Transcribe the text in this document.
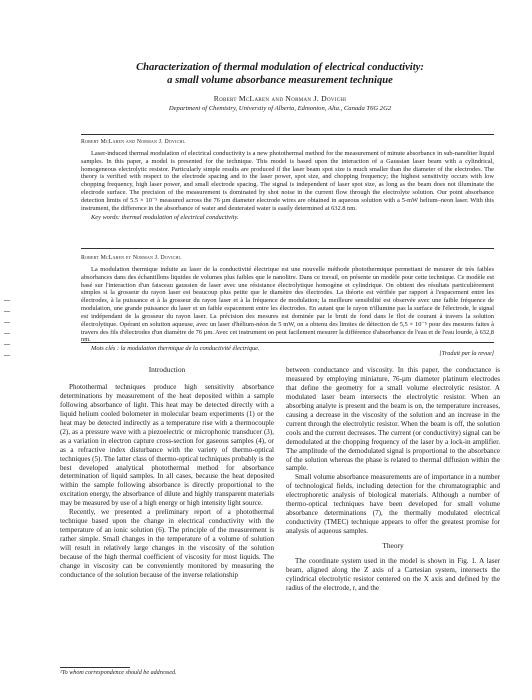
Characterization of thermal modulation of electrical conductivity:
a small volume absorbance measurement technique
Robert McLaren and Norman J. Dovichi
Department of Chemistry, University of Alberta, Edmonton, Alta., Canada T6G 2G2
Robert McLaren and Norman J. Dovichi.
Laser-induced thermal modulation of electrical conductivity is a new photothermal method for the measurement of minute absorbance in sub-nanoliter liquid samples. In this paper, a model is presented for the technique. This model is based upon the interaction of a Gaussian laser beam with a cylindrical, homogeneous electrolytic resistor. Particularly simple results are produced if the laser beam spot size is much smaller than the diameter of the electrodes. The theory is verified with respect to the electrode spacing and to the laser power, spot size, and chopping frequency; the highest sensitivity occurs with low chopping frequency, high laser power, and small electrode spacing. The signal is independent of laser spot size, as long as the beam does not illuminate the electrode surface. The precision of the measurement is dominated by shot noise in the current flow through the electrolyte solution. Our point absorbance detection limits of 5.5 × 10⁻⁵ measured across the 76 µm diameter electrode wires are obtained in aqueous solution with a 5-mW helium–neon laser. With this instrument, the difference in the absorbance of water and deuterated water is easily determined at 632.8 nm.
Key words: thermal modulation of electrical conductivity.
Robert McLaren et Norman J. Dovichi.
La modulation thermique induite au laser de la conductivité électrique est une nouvelle méthode photothermique permettant de mesurer de très faibles absorbances dans des échantillons liquides de volumes plus faibles que le nanolitre. Dans ce travail, on présente un modèle pour cette technique. Ce modèle est basé sur l'interaction d'un faisceau gaussien de laser avec une résistance électrolytique homogène et cylindrique. On obtient des résultats particulièrement simples si la grosseur du rayon laser est beaucoup plus petite que le diamètre des électrodes. La théorie est vérifiée par rapport à l'espacement entre les électrodes, à la puissance et à la grosseur du rayon laser et à la fréquence de modulation; la meilleure sensibilité est observée avec une faible fréquence de modulation, une grande puissance du laser et un faible espacement entre les électrodes. En autant que le rayon n'illumine pas la surface de l'électrode, le signal est indépendant de la grosseur du rayon laser. La précision des mesures est dominée par le bruit de fond dans le flot de courant à travers la solution électrolytique. Opérant en solution aqueuse, avec un laser d'hélium-néon de 5 mW, on a obtenu des limites de détection de 5,5 × 10⁻⁵ pour des mesures faites à travers des fils d'électrodes d'un diamètre de 76 µm. Avec cet instrument on peut facilement mesurer la différence d'absorbance de l'eau et de l'eau lourde, à 632,8 nm.
Mots clés : la modulation thermique de la conductivité électrique.
[Traduit par la revue]
Introduction

Photothermal techniques produce high sensitivity absorbance determinations by measurement of the heat deposited within a sample following absorbance of light. This heat may be detected directly with a liquid helium cooled bolometer in molecular beam experiments (1) or the heat may be detected indirectly as a temperature rise with a thermocouple (2), as a pressure wave with a piezoelectric or microphonic transducer (3), as a variation in electron capture cross-section for gaseous samples (4), or as a refractive index disturbance with the variety of thermo-optical techniques (5). The latter class of thermo-optical techniques probably is the best developed analytical photothermal method for absorbance determination of liquid samples. In all cases, because the heat deposited within the sample following absorbance is directly proportional to the excitation energy, the absorbance of dilute and highly transparent materials may be measured by use of a high energy or high intensity light source.

Recently, we presented a preliminary report of a photothermal technique based upon the change in electrical conductivity with the temperature of an ionic solution (6). The principle of the measurement is rather simple. Small changes in the temperature of a volume of solution will result in relatively large changes in the viscosity of the solution because of the high thermal coefficient of viscosity for most liquids. The change in viscosity can be conveniently monitored by measuring the conductance of the solution because of the inverse relationship

between conductance and viscosity. In this paper, the conductance is measured by employing miniature, 76-µm diameter platinum electrodes that define the geometry for a small volume electrolytic resistor. A modulated laser beam intersects the electrolytic resistor. When an absorbing analyte is present and the beam is on, the temperature increases, causing a decrease in the viscosity of the solution and an increase in the current through the electrolytic resistor. When the beam is off, the solution cools and the current decreases. The current (or conductivity) signal can be demodulated at the chopping frequency of the laser by a lock-in amplifier. The amplitude of the demodulated signal is proportional to the absorbance of the solution whereas the phase is related to thermal diffusion within the sample.

Small volume absorbance measurements are of importance in a number of technological fields, including detection for the chromatographic and electrophoretic analysis of biological materials. Although a number of thermo-optical techniques have been developed for small volume absorbance determinations (7), the thermally modulated electrical conductivity (TMEC) technique appears to offer the greatest promise for analysis of aqueous samples.

Theory

The coordinate system used in the model is shown in Fig. 1. A laser beam, aligned along the Z axis of a Cartesian system, intersects the cylindrical electrolytic resistor centered on the X axis and defined by the radius of the electrode, r, and the

¹To whom correspondence should be addressed.
